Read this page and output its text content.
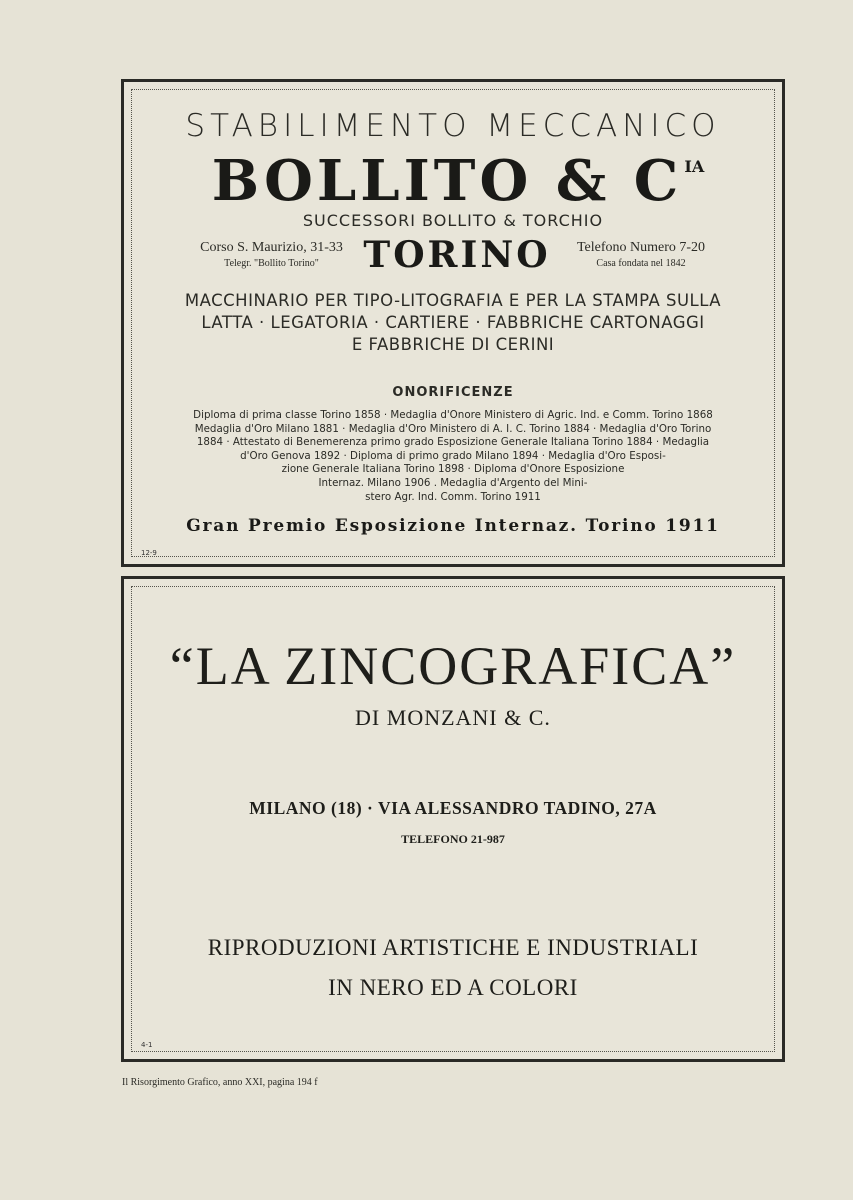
STABILIMENTO MECCANICO
BOLLITO & C $^{IA}$
SUCCESSORI BOLLITO & TORCHIO
Corso S. Maurizio, 31-33
Telegr. "Bollito Torino"	TORINO	Telefono Numero 7-20
Casa fondata nel 1842
MACCHINARIO PER TIPO-LITOGRAFIA E PER LA STAMPA SULLA
LATTA · LEGATORIA · CARTIERE · FABBRICHE CARTONAGGI
E FABBRICHE DI CERINI
ONORIFICENZE
Diploma di prima classe Torino 1858 · Medaglia d'Onore Ministero di Agric. Ind. e Comm. Torino 1868
Medaglia d'Oro Milano 1881 · Medaglia d'Oro Ministero di A. I. C. Torino 1884 · Medaglia d'Oro Torino
1884 · Attestato di Benemerenza primo grado Esposizione Generale Italiana Torino 1884 · Medaglia
d'Oro Genova 1892 · Diploma di primo grado Milano 1894 · Medaglia d'Oro Esposi-
zione Generale Italiana Torino 1898 · Diploma d'Onore Esposizione
Internaz. Milano 1906 . Medaglia d'Argento del Mini-
stero Agr. Ind. Comm. Torino 1911
Gran Premio Esposizione Internaz. Torino 1911
12-9
“LA ZINCOGRAFICA”
DI MONZANI & C.
MILANO (18) · VIA ALESSANDRO TADINO, 27A
TELEFONO 21-987
RIPRODUZIONI ARTISTICHE E INDUSTRIALI
IN NERO ED A COLORI
4-1
Il Risorgimento Grafico, anno XXI, pagina 194 f
